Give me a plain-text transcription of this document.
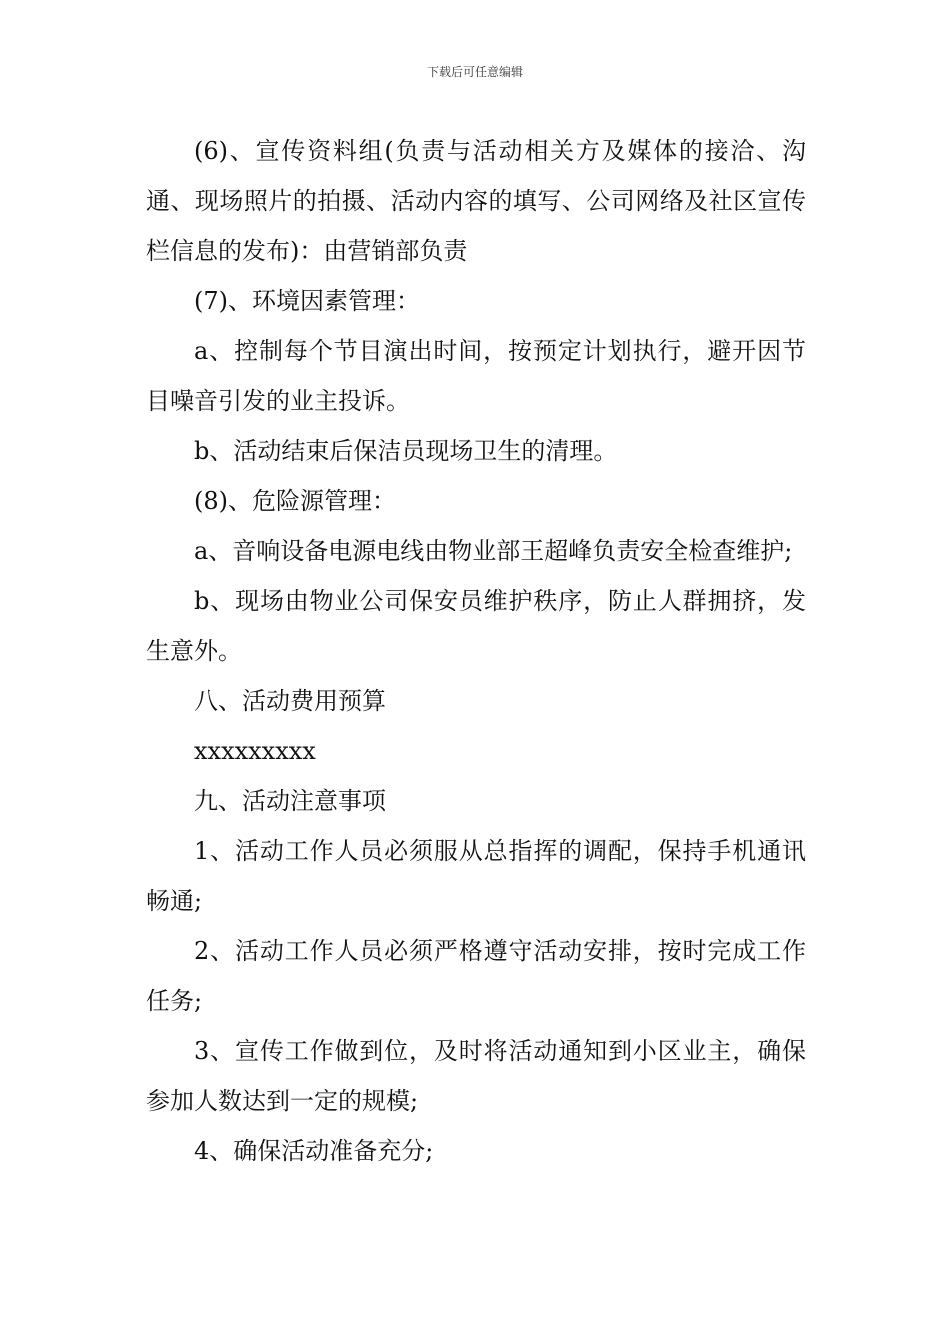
下载后可任意编辑

(6)、宣传资料组(负责与活动相关方及媒体的接洽、沟通、现场照片的拍摄、活动内容的填写、公司网络及社区宣传栏信息的发布)：由营销部负责

(7)、环境因素管理：

a、控制每个节目演出时间，按预定计划执行，避开因节目噪音引发的业主投诉。

b、活动结束后保洁员现场卫生的清理。

(8)、危险源管理：

a、音响设备电源电线由物业部王超峰负责安全检查维护;

b、现场由物业公司保安员维护秩序，防止人群拥挤，发生意外。

八、活动费用预算

xxxxxxxxx

九、活动注意事项

1、活动工作人员必须服从总指挥的调配，保持手机通讯畅通;

2、活动工作人员必须严格遵守活动安排，按时完成工作任务;

3、宣传工作做到位，及时将活动通知到小区业主，确保参加人数达到一定的规模;

4、确保活动准备充分;
